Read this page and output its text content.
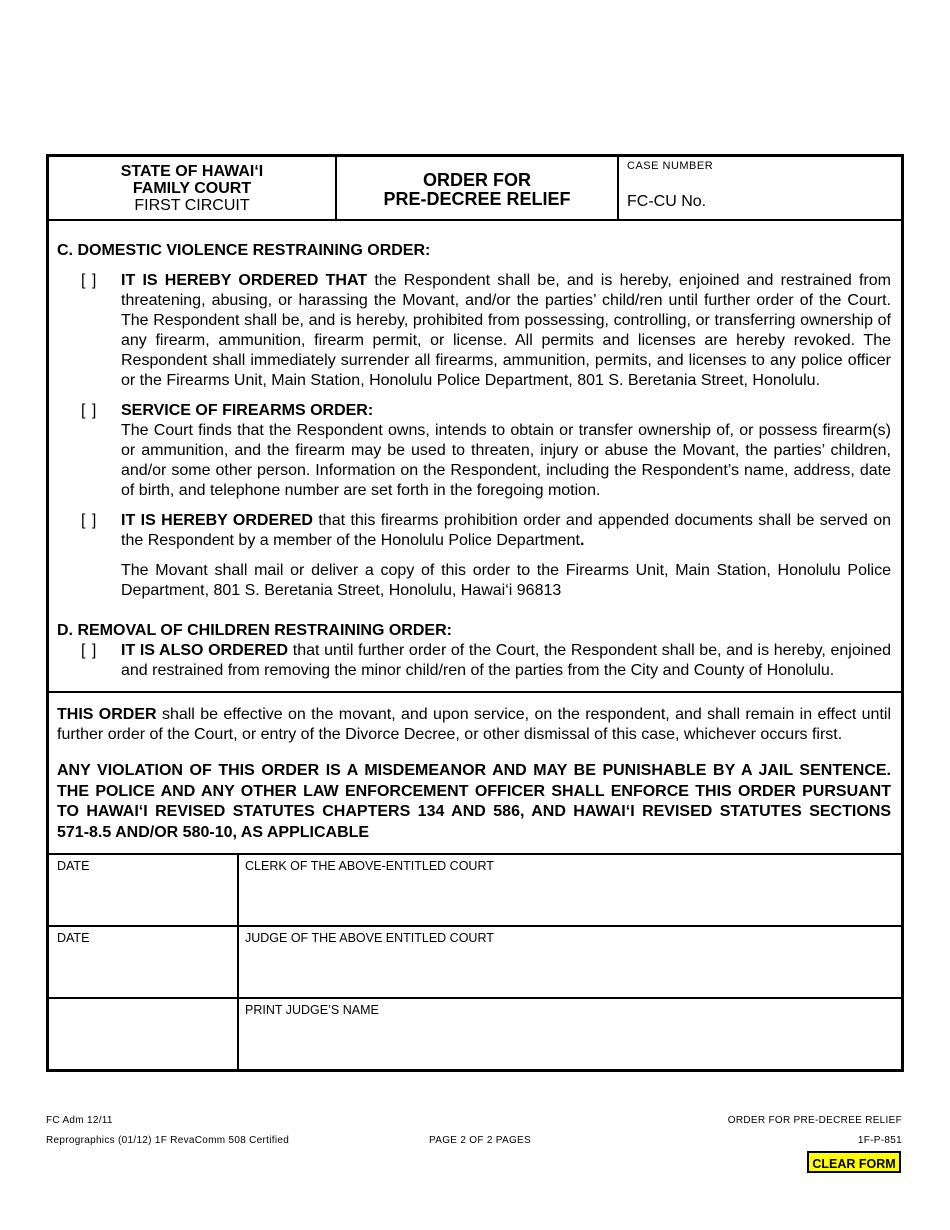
STATE OF HAWAI‘I
FAMILY COURT
FIRST CIRCUIT
ORDER FOR
PRE-DECREE RELIEF
CASE NUMBER
FC-CU No.
C. DOMESTIC VIOLENCE RESTRAINING ORDER:
[ ] IT IS HEREBY ORDERED THAT the Respondent shall be, and is hereby, enjoined and restrained from threatening, abusing, or harassing the Movant, and/or the parties’ child/ren until further order of the Court. The Respondent shall be, and is hereby, prohibited from possessing, controlling, or transferring ownership of any firearm, ammunition, firearm permit, or license. All permits and licenses are hereby revoked. The Respondent shall immediately surrender all firearms, ammunition, permits, and licenses to any police officer or the Firearms Unit, Main Station, Honolulu Police Department, 801 S. Beretania Street, Honolulu.
[ ] SERVICE OF FIREARMS ORDER:
The Court finds that the Respondent owns, intends to obtain or transfer ownership of, or possess firearm(s) or ammunition, and the firearm may be used to threaten, injury or abuse the Movant, the parties’ children, and/or some other person. Information on the Respondent, including the Respondent’s name, address, date of birth, and telephone number are set forth in the foregoing motion.
[ ] IT IS HEREBY ORDERED that this firearms prohibition order and appended documents shall be served on the Respondent by a member of the Honolulu Police Department.
The Movant shall mail or deliver a copy of this order to the Firearms Unit, Main Station, Honolulu Police Department, 801 S. Beretania Street, Honolulu, Hawai‘i 96813
D. REMOVAL OF CHILDREN RESTRAINING ORDER:
[ ] IT IS ALSO ORDERED that until further order of the Court, the Respondent shall be, and is hereby, enjoined and restrained from removing the minor child/ren of the parties from the City and County of Honolulu.
THIS ORDER shall be effective on the movant, and upon service, on the respondent, and shall remain in effect until further order of the Court, or entry of the Divorce Decree, or other dismissal of this case, whichever occurs first.
ANY VIOLATION OF THIS ORDER IS A MISDEMEANOR AND MAY BE PUNISHABLE BY A JAIL SENTENCE. THE POLICE AND ANY OTHER LAW ENFORCEMENT OFFICER SHALL ENFORCE THIS ORDER PURSUANT TO HAWAI‘I REVISED STATUTES CHAPTERS 134 AND 586, AND HAWAI‘I REVISED STATUTES SECTIONS 571-8.5 AND/OR 580-10, AS APPLICABLE
DATE	CLERK OF THE ABOVE-ENTITLED COURT
DATE	JUDGE OF THE ABOVE ENTITLED COURT
PRINT JUDGE’S NAME
FC Adm 12/11	ORDER FOR PRE-DECREE RELIEF
Reprographics (01/12) 1F RevaComm 508 Certified	PAGE 2 OF 2 PAGES	1F-P-851
CLEAR FORM
